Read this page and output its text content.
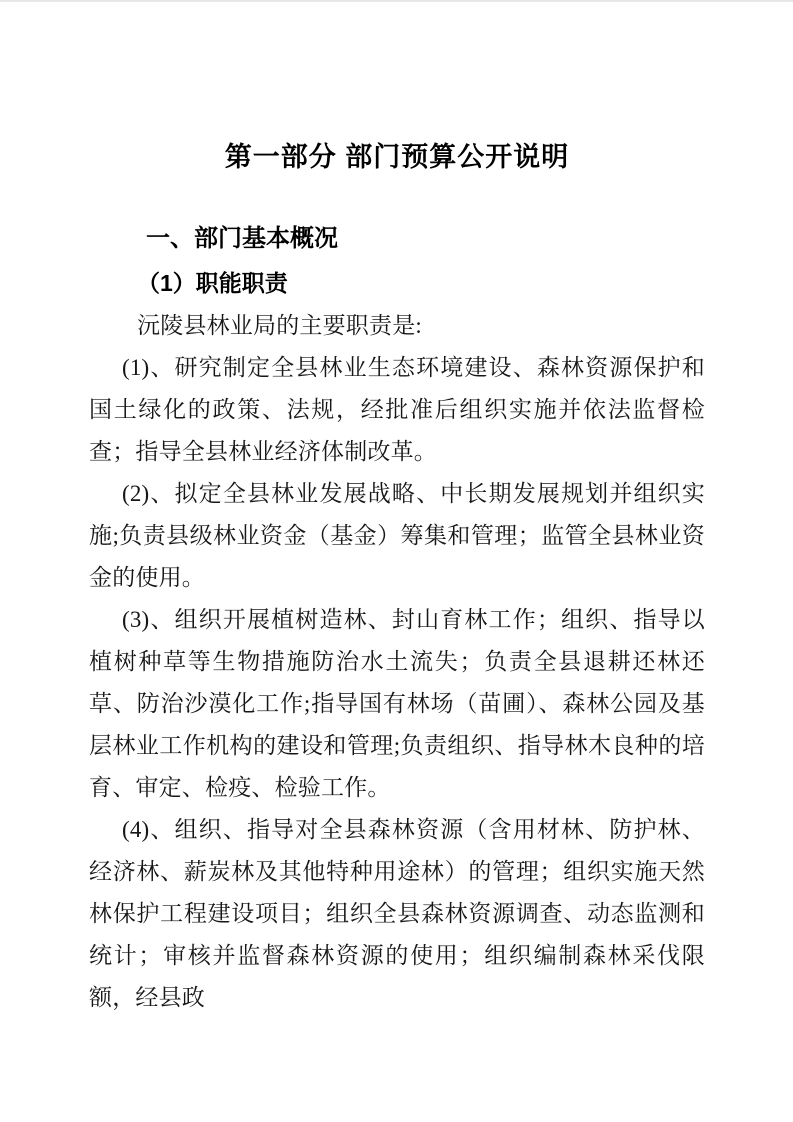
第一部分 部门预算公开说明
一、部门基本概况
（1）职能职责

沅陵县林业局的主要职责是:

(1)、研究制定全县林业生态环境建设、森林资源保护和国土绿化的政策、法规，经批准后组织实施并依法监督检查；指导全县林业经济体制改革。

(2)、拟定全县林业发展战略、中长期发展规划并组织实施;负责县级林业资金（基金）筹集和管理；监管全县林业资金的使用。

(3)、组织开展植树造林、封山育林工作；组织、指导以植树种草等生物措施防治水土流失；负责全县退耕还林还草、防治沙漠化工作;指导国有林场（苗圃）、森林公园及基层林业工作机构的建设和管理;负责组织、指导林木良种的培育、审定、检疫、检验工作。

(4)、组织、指导对全县森林资源（含用材林、防护林、经济林、薪炭林及其他特种用途林）的管理；组织实施天然林保护工程建设项目；组织全县森林资源调查、动态监测和统计；审核并监督森林资源的使用；组织编制森林采伐限额，经县政
